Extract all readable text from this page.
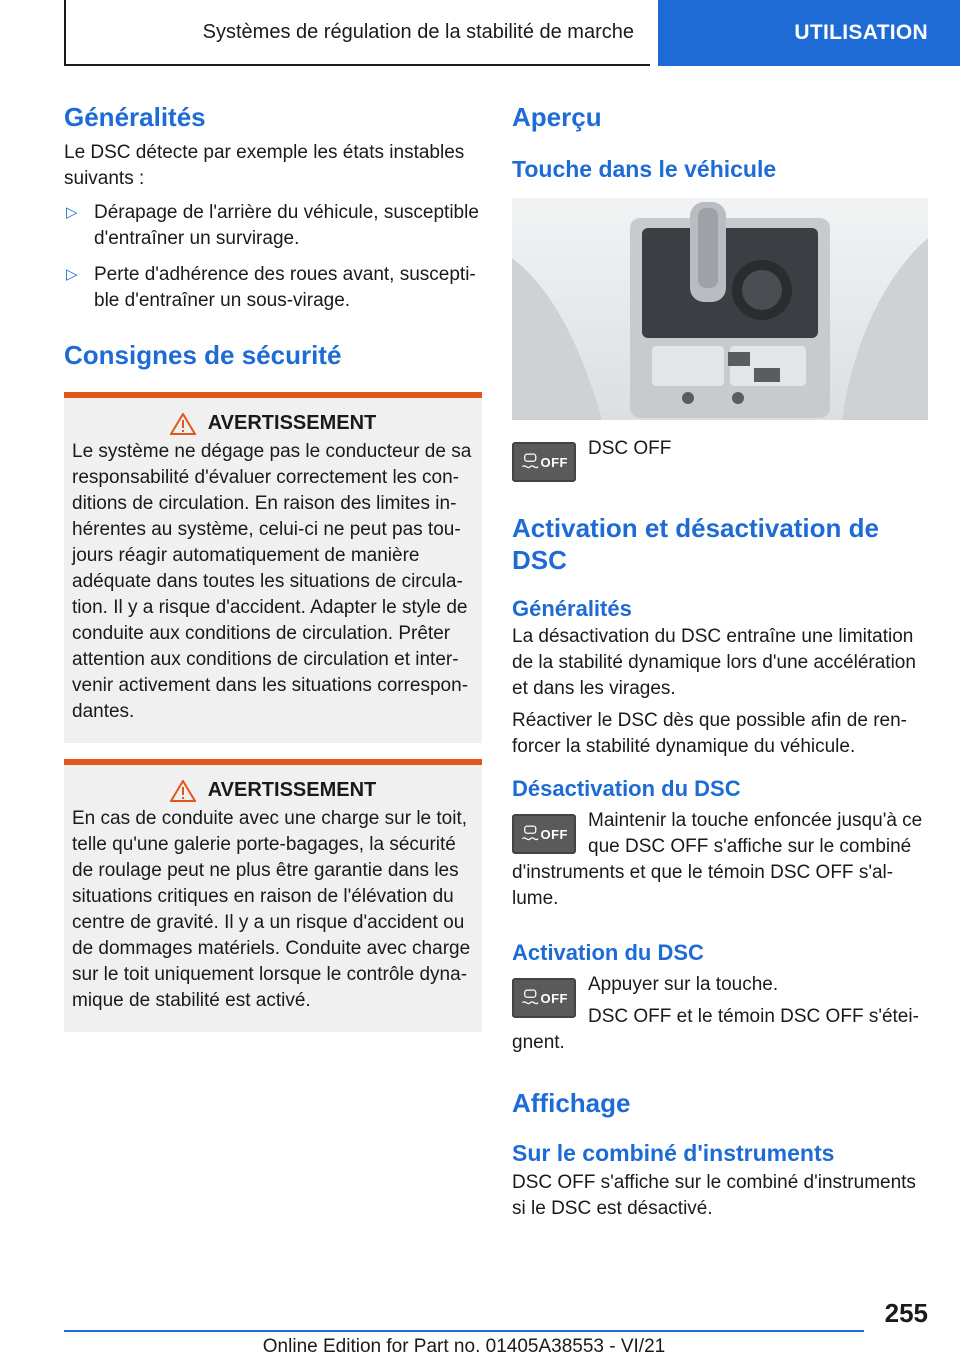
Systèmes de régulation de la stabilité de marche	UTILISATION
Généralités

Le DSC détecte par exemple les états instables suivants :

▷ Dérapage de l'arrière du véhicule, susceptible d'entraîner un survirage.
▷ Perte d'adhérence des roues avant, susceptible d'entraîner un sous-virage.
Consignes de sécurité
AVERTISSEMENT

Le système ne dégage pas le conducteur de sa responsabilité d'évaluer correctement les conditions de circulation. En raison des limites inhérentes au système, celui-ci ne peut pas toujours réagir automatiquement de manière adéquate dans toutes les situations de circulation. Il y a risque d'accident. Adapter le style de conduite aux conditions de circulation. Prêter attention aux conditions de circulation et intervenir activement dans les situations correspondantes.

AVERTISSEMENT

En cas de conduite avec une charge sur le toit, telle qu'une galerie porte-bagages, la sécurité de roulage peut ne plus être garantie dans les situations critiques en raison de l'élévation du centre de gravité. Il y a un risque d'accident ou de dommages matériels. Conduite avec charge sur le toit uniquement lorsque le contrôle dynamique de stabilité est activé.

Aperçu
Touche dans le véhicule
OFF

DSC OFF

Activation et désactivation de DSC
Généralités

La désactivation du DSC entraîne une limitation de la stabilité dynamique lors d'une accélération et dans les virages.

Réactiver le DSC dès que possible afin de renforcer la stabilité dynamique du véhicule.

Désactivation du DSC
OFF

Maintenir la touche enfoncée jusqu'à ce que DSC OFF s'affiche sur le combiné d'instruments et que le témoin DSC OFF s'allume.

Activation du DSC
OFF

Appuyer sur la touche.

DSC OFF et le témoin DSC OFF s'éteignent.

Affichage
Sur le combiné d'instruments

DSC OFF s'affiche sur le combiné d'instruments si le DSC est désactivé.

255
Online Edition for Part no. 01405A38553 - VI/21
